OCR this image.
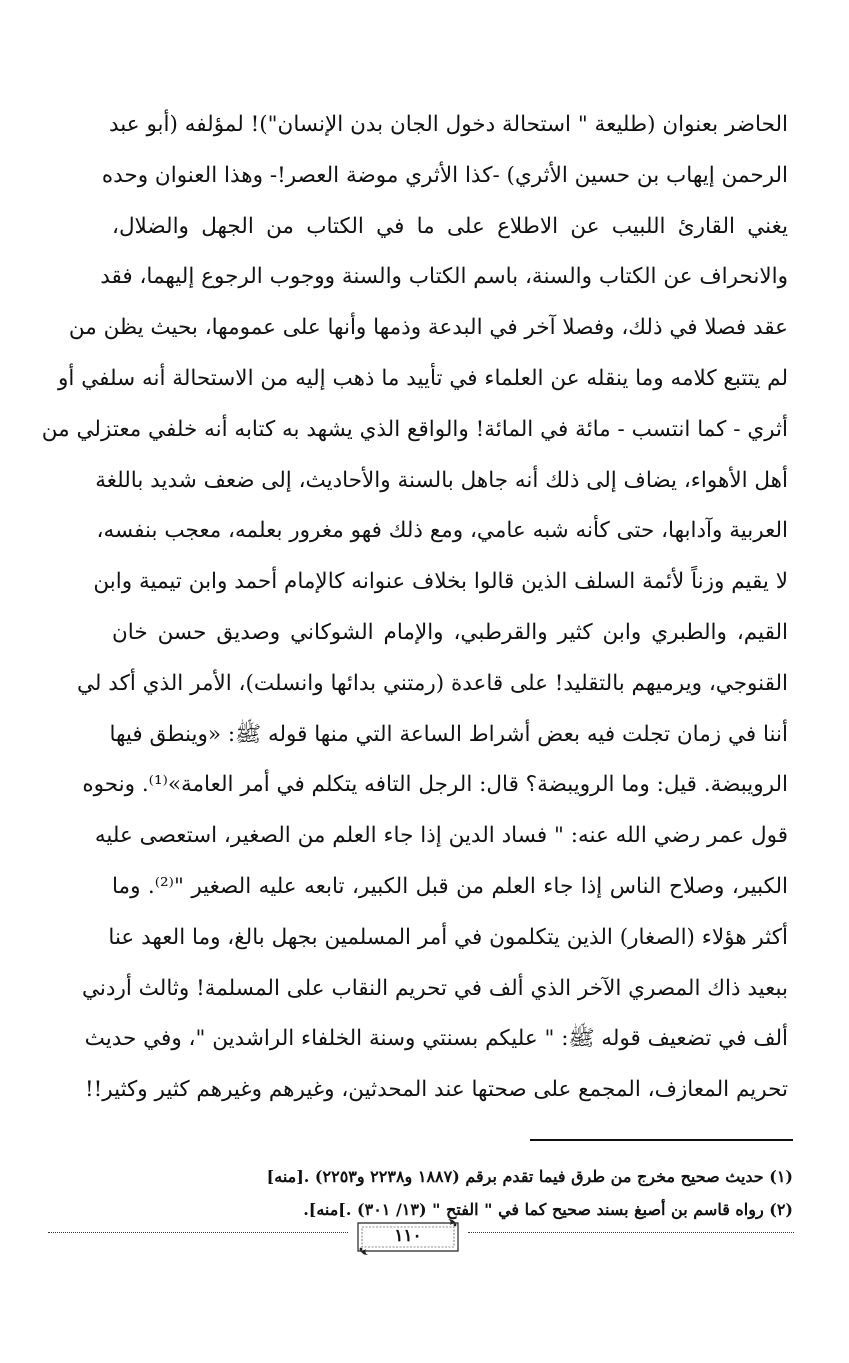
الحاضر بعنوان (طليعة " استحالة دخول الجان بدن الإنسان")! لمؤلفه (أبو عبد
الرحمن إيهاب بن حسين الأثري) -كذا الأثري موضة العصر!- وهذا العنوان وحده
يغني القارئ اللبيب عن الاطلاع على ما في الكتاب من الجهل والضلال،
والانحراف عن الكتاب والسنة، باسم الكتاب والسنة ووجوب الرجوع إليهما، فقد
عقد فصلا في ذلك، وفصلا آخر في البدعة وذمها وأنها على عمومها، بحيث يظن من
لم يتتبع كلامه وما ينقله عن العلماء في تأييد ما ذهب إليه من الاستحالة أنه سلفي أو
أثري - كما انتسب - مائة في المائة! والواقع الذي يشهد به كتابه أنه خلفي معتزلي من
أهل الأهواء، يضاف إلى ذلك أنه جاهل بالسنة والأحاديث، إلى ضعف شديد باللغة
العربية وآدابها، حتى كأنه شبه عامي، ومع ذلك فهو مغرور بعلمه، معجب بنفسه،
لا يقيم وزناً لأئمة السلف الذين قالوا بخلاف عنوانه كالإمام أحمد وابن تيمية وابن
القيم، والطبري وابن كثير والقرطبي، والإمام الشوكاني وصديق حسن خان
القنوجي، ويرميهم بالتقليد! على قاعدة (رمتني بدائها وانسلت)، الأمر الذي أكد لي
أننا في زمان تجلت فيه بعض أشراط الساعة التي منها قوله ﷺ: «وينطق فيها
الرويبضة. قيل: وما الرويبضة؟ قال: الرجل التافه يتكلم في أمر العامة»⁽¹⁾. ونحوه
قول عمر رضي الله عنه: " فساد الدين إذا جاء العلم من الصغير، استعصى عليه
الكبير، وصلاح الناس إذا جاء العلم من قبل الكبير، تابعه عليه الصغير "⁽²⁾. وما
أكثر هؤلاء (الصغار) الذين يتكلمون في أمر المسلمين بجهل بالغ، وما العهد عنا
ببعيد ذاك المصري الآخر الذي ألف في تحريم النقاب على المسلمة! وثالث أردني
ألف في تضعيف قوله ﷺ: " عليكم بسنتي وسنة الخلفاء الراشدين "، وفي حديث
تحريم المعازف، المجمع على صحتها عند المحدثين، وغيرهم وغيرهم كثير وكثير!!
(١) حديث صحيح مخرج من طرق فيما تقدم برقم (١٨٨٧ و٢٢٣٨ و٢٢٥٣) .[منه]
(٢) رواه قاسم بن أصبغ بسند صحيح كما في " الفتح " (١٣/ ٣٠١) .]منه].
١١٠
